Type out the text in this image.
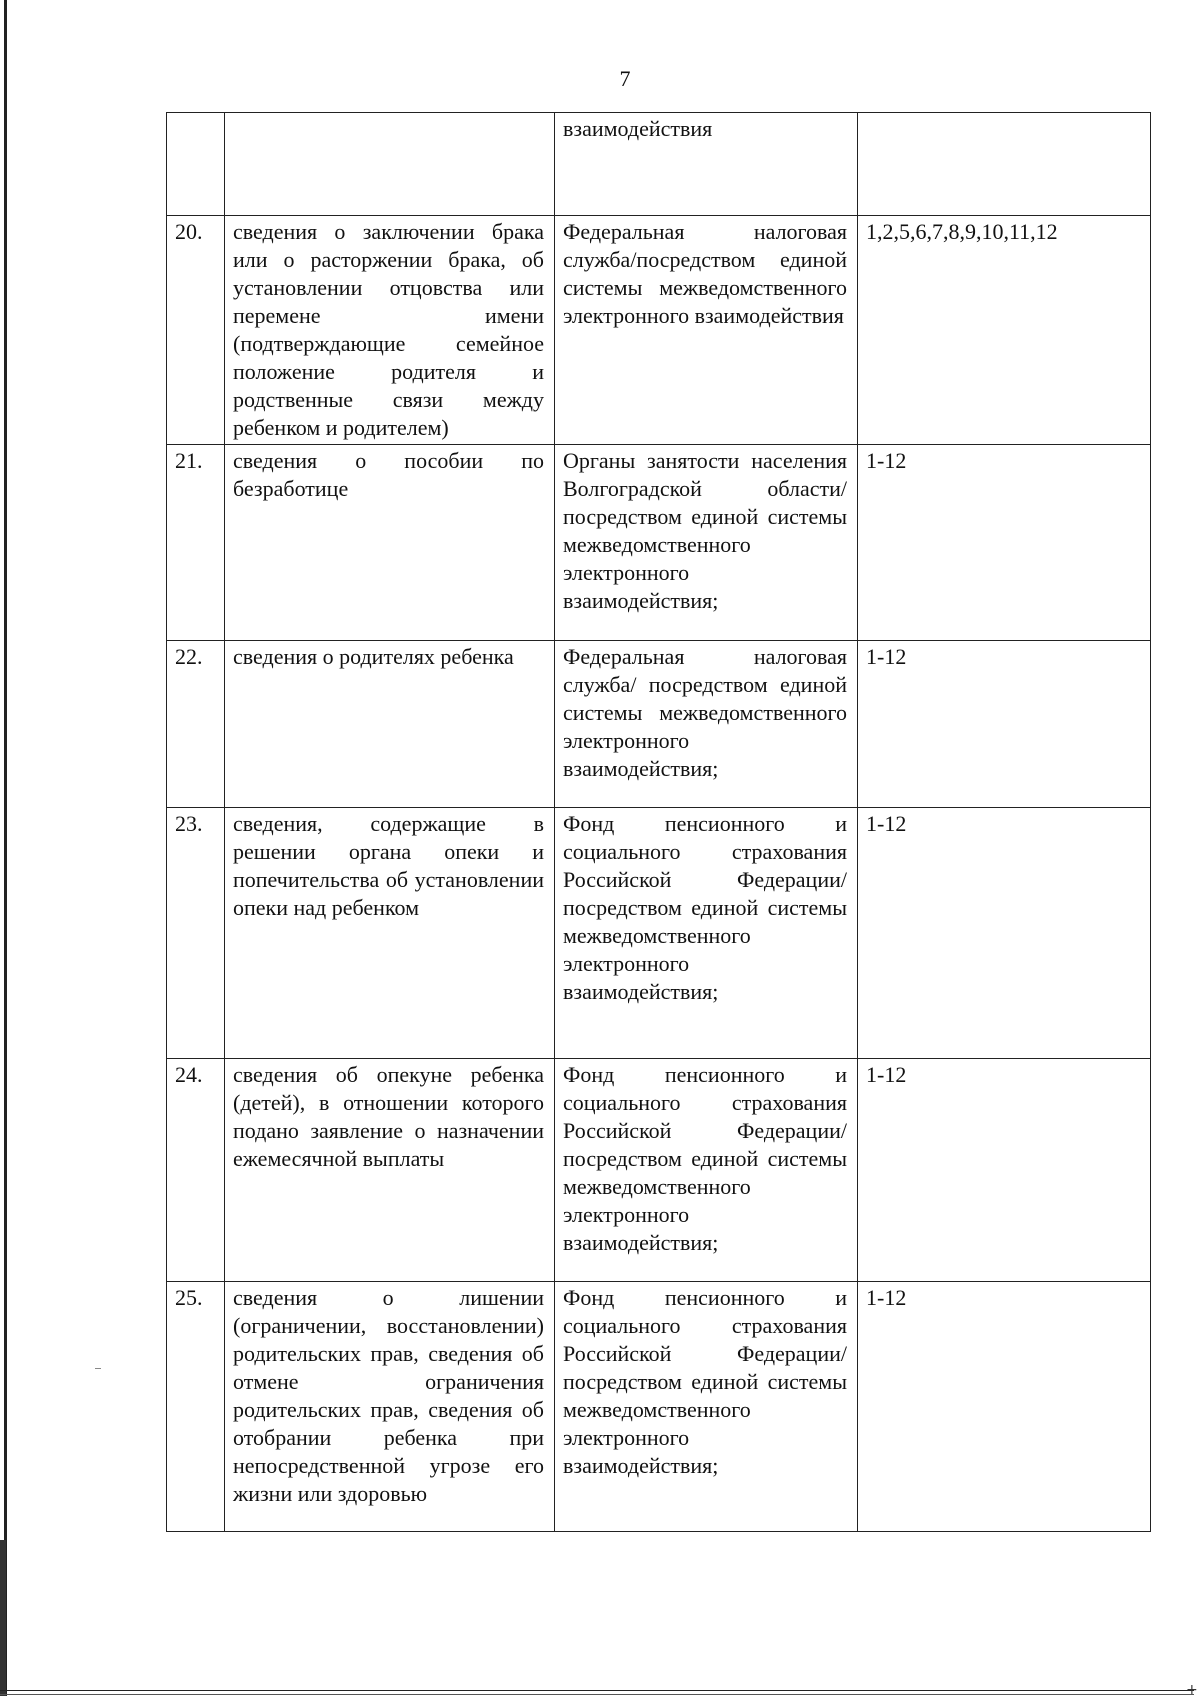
+
7
		взаимодействия	
20.	сведения о заключении брака или о расторжении брака, об установлении отцовства или перемене имени (подтверждающие семейное положение родителя и родственные связи между ребенком и родителем)	Федеральная налоговая служба/посредством единой системы межведомственного электронного взаимодействия	1,2,5,6,7,8,9,10,11,12
21.	сведения о пособии по безработице	Органы занятости населения Волгоградской области/ посредством единой системы межведомственного электронного взаимодействия;	1-12
22.	сведения о родителях ребенка	Федеральная налоговая служба/ посредством единой системы межведомственного электронного взаимодействия;	1-12
23.	сведения, содержащие в решении органа опеки и попечительства об установлении опеки над ребенком	Фонд пенсионного и социального страхования Российской Федерации/ посредством единой системы межведомственного электронного взаимодействия;	1-12
24.	сведения об опекуне ребенка (детей), в отношении которого подано заявление о назначении ежемесячной выплаты	Фонд пенсионного и социального страхования Российской Федерации/ посредством единой системы межведомственного электронного взаимодействия;	1-12
25.	сведения о лишении (ограничении, восстановлении) родительских прав, сведения об отмене ограничения родительских прав, сведения об отобрании ребенка при непосредственной угрозе его жизни или здоровью	Фонд пенсионного и социального страхования Российской Федерации/ посредством единой системы межведомственного электронного взаимодействия;	1-12
